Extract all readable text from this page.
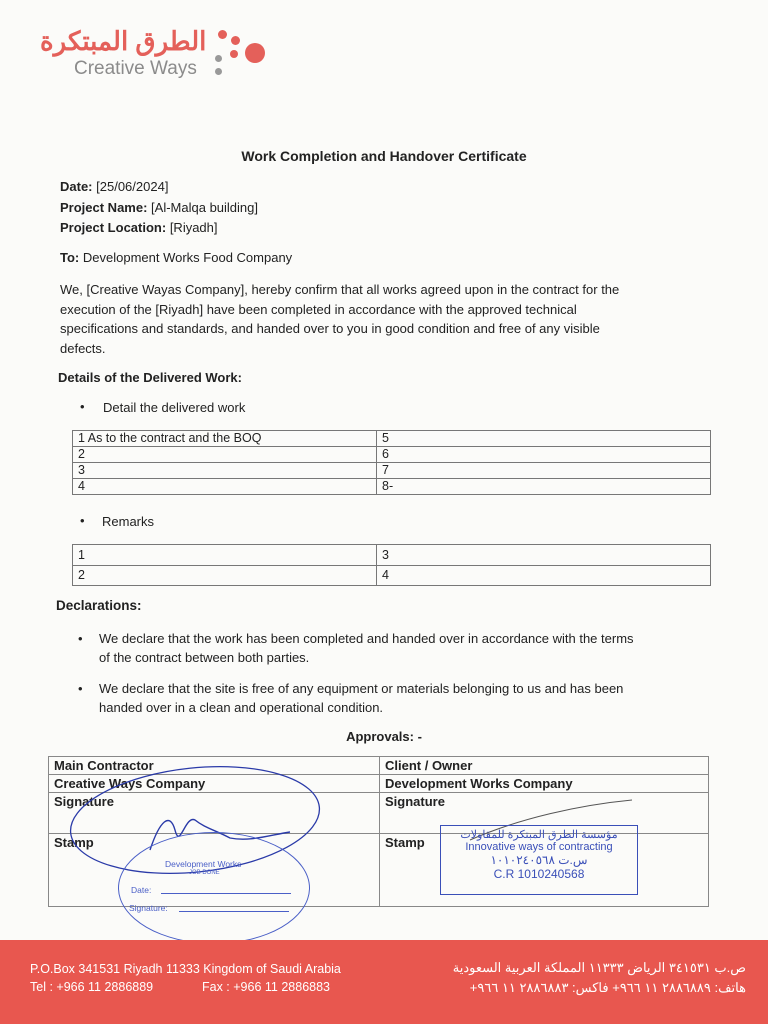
الطرق المبتكرة
Creative Ways
Work Completion and Handover Certificate
Date: [25/06/2024]
Project Name: [Al-Malqa building]
Project Location: [Riyadh]
To: Development Works Food Company
We, [Creative Wayas Company], hereby confirm that all works agreed upon in the contract for the
execution of the [Riyadh] have been completed in accordance with the approved technical
specifications and standards, and handed over to you in good condition and free of any visible
defects.
Details of the Delivered Work:
• Detail the delivered work
1 As to the contract and the BOQ	5
2	6
3	7
4	8-
• Remarks
1	3
2	4
Declarations:
• We declare that the work has been completed and handed over in accordance with the terms
of the contract between both parties.
• We declare that the site is free of any equipment or materials belonging to us and has been
handed over in a clean and operational condition.
Approvals: -
Main Contractor	Client / Owner
Creative Ways Company	Development Works Company
Signature	Signature
Stamp	Stamp
Development Works
JOB DONE
Date:
Signature:
مؤسسة الطرق المبتكرة للمقاولات
Innovative ways of contracting
س.ت ١٠١٠٢٤٠٥٦٨
C.R 1010240568
P.O.Box 341531 Riyadh 11333 Kingdom of Saudi Arabia
Tel : +966 11 2886889	Fax : +966 11 2886883
ص.ب ٣٤١٥٣١ الرياض ١١٣٣٣ المملكة العربية السعودية
هاتف: ٢٨٨٦٨٨٩ ١١ ٩٦٦+ فاكس: ٢٨٨٦٨٨٣ ١١ ٩٦٦+
